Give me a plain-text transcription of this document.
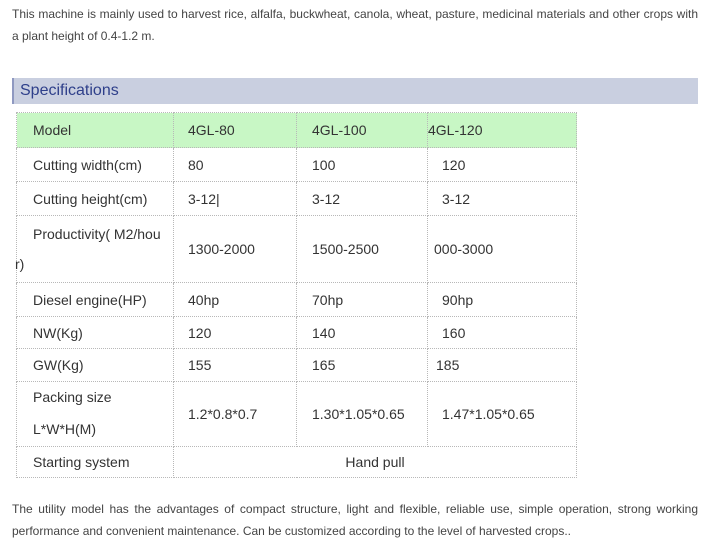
This machine is mainly used to harvest rice, alfalfa, buckwheat, canola, wheat, pasture, medicinal materials and other crops with a plant height of 0.4-1.2 m.
Specifications
Model	4GL-80	4GL-100	4GL-120

Cutting width(cm)	80	100	120

Cutting height(cm)	3-12|	3-12	3-12

Productivity( M2/hou
r)	1300-2000	1500-2500	000-3000

Diesel engine(HP)	40hp	70hp	90hp

NW(Kg)	120	140	160

GW(Kg)	155	165	185

Packing size
L*W*H(M)	1.2*0.8*0.7	1.30*1.05*0.65	1.47*1.05*0.65

Starting system	Hand pull		
The utility model has the advantages of compact structure, light and flexible, reliable use, simple operation, strong working performance and convenient maintenance. Can be customized according to the level of harvested crops..
